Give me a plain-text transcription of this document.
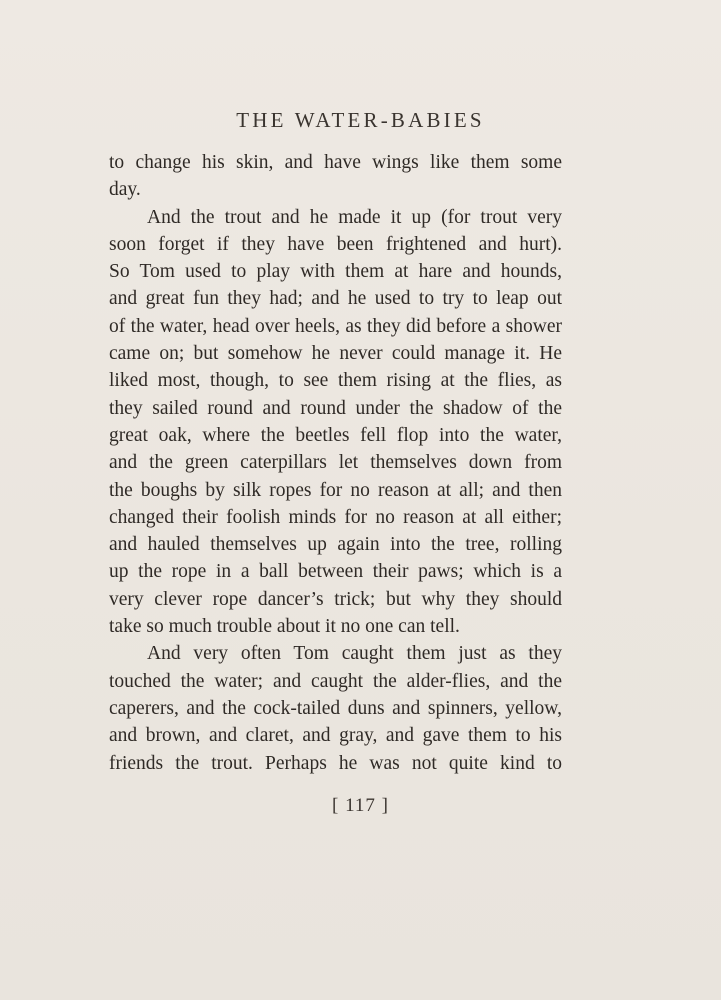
THE WATER-BABIES
to change his skin, and have wings like them some
day.
And the trout and he made it up (for trout very
soon forget if they have been frightened and hurt).
So Tom used to play with them at hare and hounds,
and great fun they had; and he used to try to leap out
of the water, head over heels, as they did before a shower
came on; but somehow he never could manage it. He
liked most, though, to see them rising at the flies, as
they sailed round and round under the shadow of the
great oak, where the beetles fell flop into the water,
and the green caterpillars let themselves down from
the boughs by silk ropes for no reason at all; and then
changed their foolish minds for no reason at all either;
and hauled themselves up again into the tree, rolling
up the rope in a ball between their paws; which is a
very clever rope dancer’s trick; but why they should
take so much trouble about it no one can tell.
And very often Tom caught them just as they
touched the water; and caught the alder-flies, and the
caperers, and the cock-tailed duns and spinners, yellow,
and brown, and claret, and gray, and gave them to his
friends the trout. Perhaps he was not quite kind to
[ 117 ]
